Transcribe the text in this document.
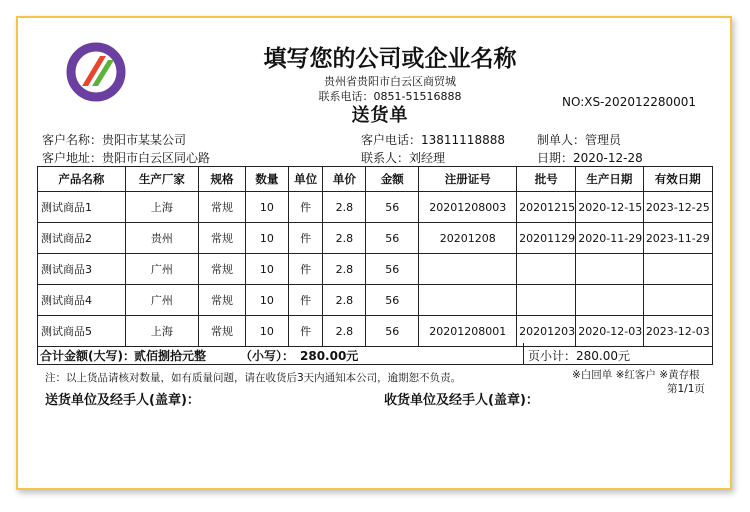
填写您的公司或企业名称
贵州省贵阳市白云区商贸城
联系电话：0851-51516888
送货单
NO:XS-202012280001
客户名称：贵阳市某某公司	客户电话：13811118888	制单人：管理员
客户地址：贵阳市白云区同心路	联系人：刘经理	日期：2020-12-28
产品名称	生产厂家	规格	数量	单位	单价	金额	注册证号	批号	生产日期	有效日期
测试商品1	上海	常规	10	件	2.8	56	20201208003	20201215	2020-12-15	2023-12-25
测试商品2	贵州	常规	10	件	2.8	56	20201208	20201129	2020-11-29	2023-11-29
测试商品3	广州	常规	10	件	2.8	56				
测试商品4	广州	常规	10	件	2.8	56				
测试商品5	上海	常规	10	件	2.8	56	20201208001	20201203	2020-12-03	2023-12-03
合计金额(大写)： 贰佰捌拾元整	（小写）： 280.00元	页小计：280.00元
注：以上货品请核对数量，如有质量问题，请在收货后3天内通知本公司，逾期恕不负责。	※白回单 ※红客户 ※黄存根
第1/1页
送货单位及经手人(盖章)：	收货单位及经手人(盖章)：
